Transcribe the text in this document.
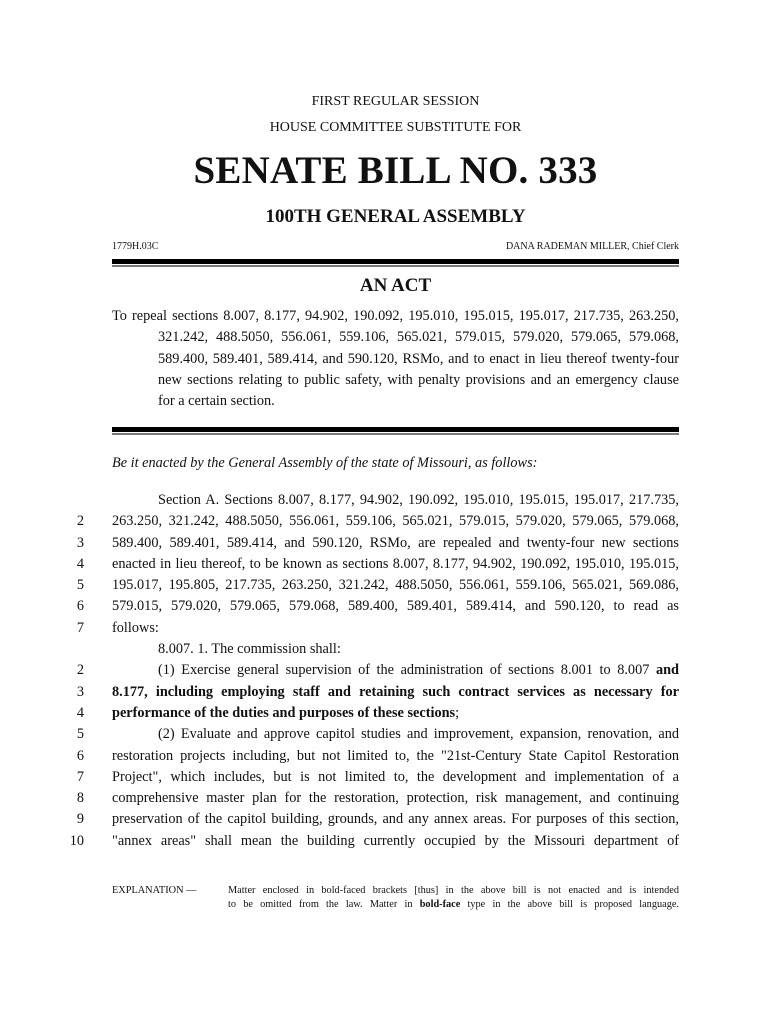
FIRST REGULAR SESSION
HOUSE COMMITTEE SUBSTITUTE FOR
SENATE BILL NO. 333
100TH GENERAL ASSEMBLY
1779H.03C	DANA RADEMAN MILLER, Chief Clerk
AN ACT
To repeal sections 8.007, 8.177, 94.902, 190.092, 195.010, 195.015, 195.017, 217.735, 263.250,
321.242, 488.5050, 556.061, 559.106, 565.021, 579.015, 579.020, 579.065, 579.068,
589.400, 589.401, 589.414, and 590.120, RSMo, and to enact in lieu thereof twenty-four
new sections relating to public safety, with penalty provisions and an emergency clause
for a certain section.
Be it enacted by the General Assembly of the state of Missouri, as follows:
Section A. Sections 8.007, 8.177, 94.902, 190.092, 195.010, 195.015, 195.017, 217.735,
2 263.250, 321.242, 488.5050, 556.061, 559.106, 565.021, 579.015, 579.020, 579.065, 579.068,
3 589.400, 589.401, 589.414, and 590.120, RSMo, are repealed and twenty-four new sections
4 enacted in lieu thereof, to be known as sections 8.007, 8.177, 94.902, 190.092, 195.010, 195.015,
5 195.017, 195.805, 217.735, 263.250, 321.242, 488.5050, 556.061, 559.106, 565.021, 569.086,
6 579.015, 579.020, 579.065, 579.068, 589.400, 589.401, 589.414, and 590.120, to read as
7 follows:
8.007. 1. The commission shall:
2	(1) Exercise general supervision of the administration of sections 8.001 to 8.007 and
3 8.177, including employing staff and retaining such contract services as necessary for
4 performance of the duties and purposes of these sections;
5	(2) Evaluate and approve capitol studies and improvement, expansion, renovation, and
6 restoration projects including, but not limited to, the "21st-Century State Capitol Restoration
7 Project", which includes, but is not limited to, the development and implementation of a
8 comprehensive master plan for the restoration, protection, risk management, and continuing
9 preservation of the capitol building, grounds, and any annex areas. For purposes of this section,
10 "annex areas" shall mean the building currently occupied by the Missouri department of
EXPLANATION —	Matter enclosed in bold-faced brackets [thus] in the above bill is not enacted and is intended
to be omitted from the law. Matter in bold-face type in the above bill is proposed language.
